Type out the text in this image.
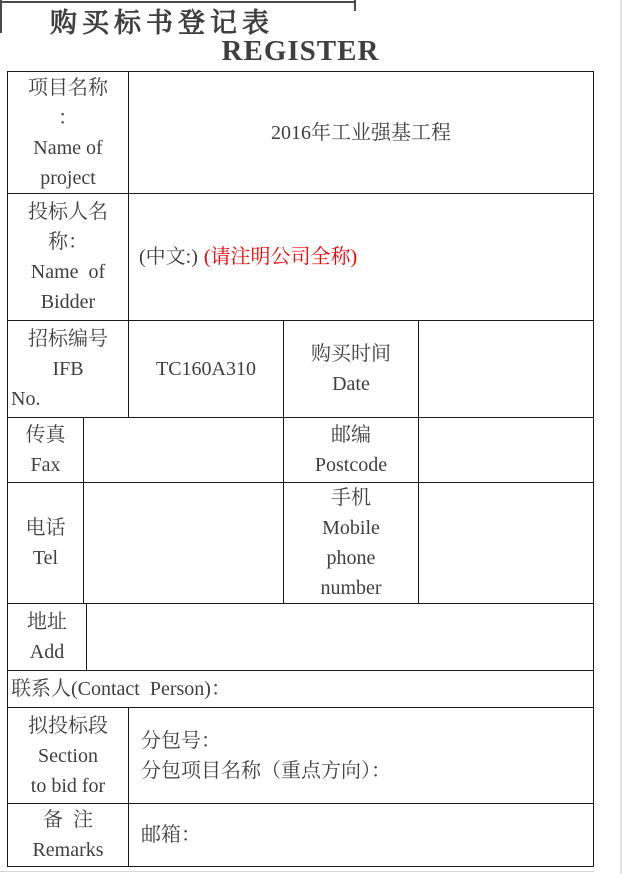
购买标书登记表
REGISTER
项目名称
：
Name of
project
2016年工业强基工程
投标人名
称：
Name  of
Bidder
(中文:) (请注明公司全称)
招标编号
IFB
No.
TC160A310
购买时间
Date
传真
Fax
邮编
Postcode
电话
Tel
手机
Mobile
phone
number
地址
Add
联系人(Contact  Person)：
拟投标段
Section
to bid for
分包号：
分包项目名称（重点方向）：
备  注
Remarks
邮箱：
